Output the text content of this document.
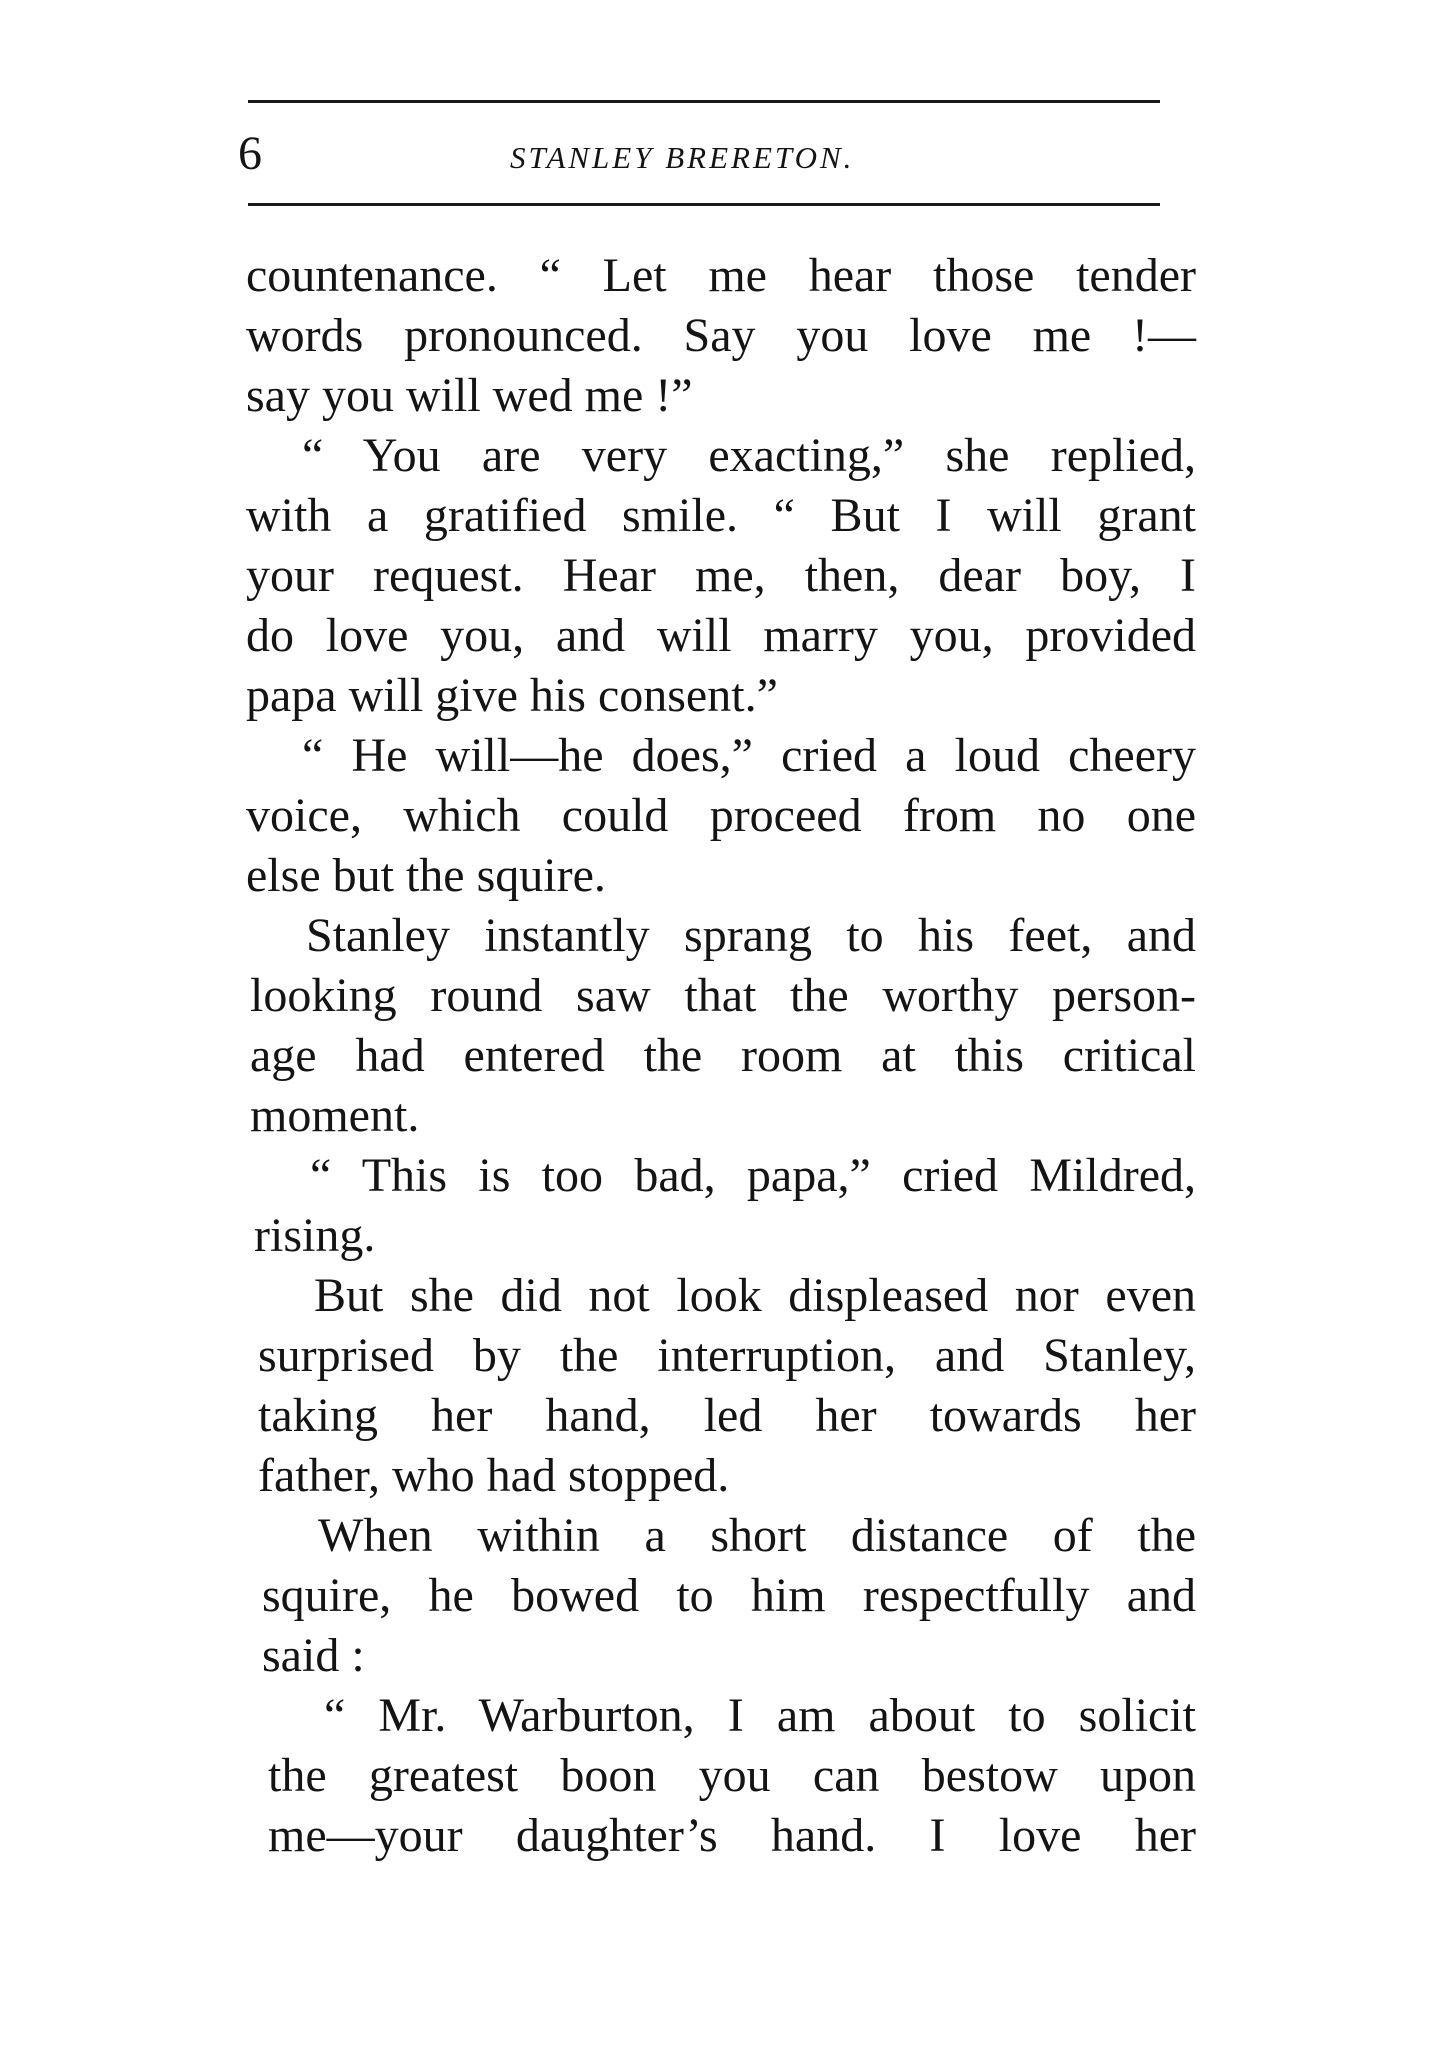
6	STANLEY BRERETON.
countenance. “ Let me hear those tender
words pronounced. Say you love me !—
say you will wed me !”
“ You are very exacting,” she replied,
with a gratified smile. “ But I will grant
your request. Hear me, then, dear boy, I
do love you, and will marry you, provided
papa will give his consent.”
“ He will—he does,” cried a loud cheery
voice, which could proceed from no one
else but the squire.
Stanley instantly sprang to his feet, and
looking round saw that the worthy person-
age had entered the room at this critical
moment.
“ This is too bad, papa,” cried Mildred,
rising.
But she did not look displeased nor even
surprised by the interruption, and Stanley,
taking her hand, led her towards her
father, who had stopped.
When within a short distance of the
squire, he bowed to him respectfully and
said :
“ Mr. Warburton, I am about to solicit
the greatest boon you can bestow upon
me—your daughter’s hand. I love her
